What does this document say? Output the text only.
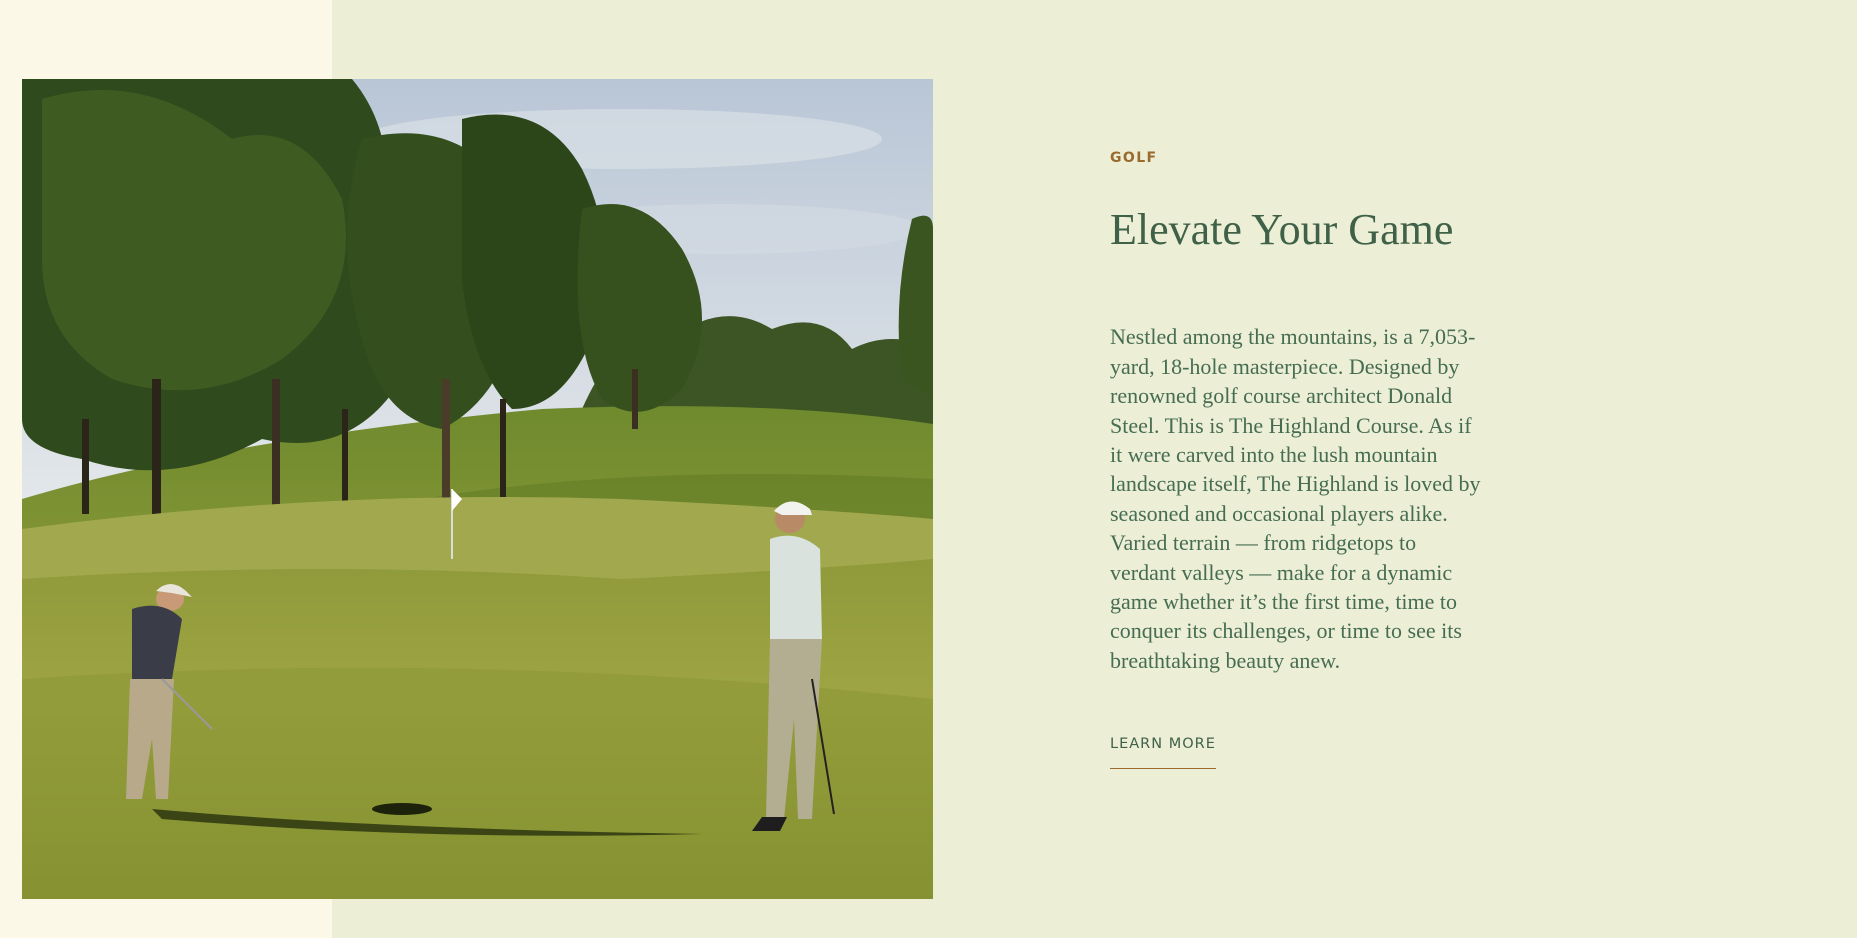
GOLF
Elevate Your Game

Nestled among the mountains, is a 7,053-yard, 18-hole masterpiece. Designed by renowned golf course architect Donald Steel. This is The Highland Course. As if it were carved into the lush mountain landscape itself, The Highland is loved by seasoned and occasional players alike. Varied terrain — from ridgetops to verdant valleys — make for a dynamic game whether it’s the first time, time to conquer its challenges, or time to see its breathtaking beauty anew.

LEARN MORE
